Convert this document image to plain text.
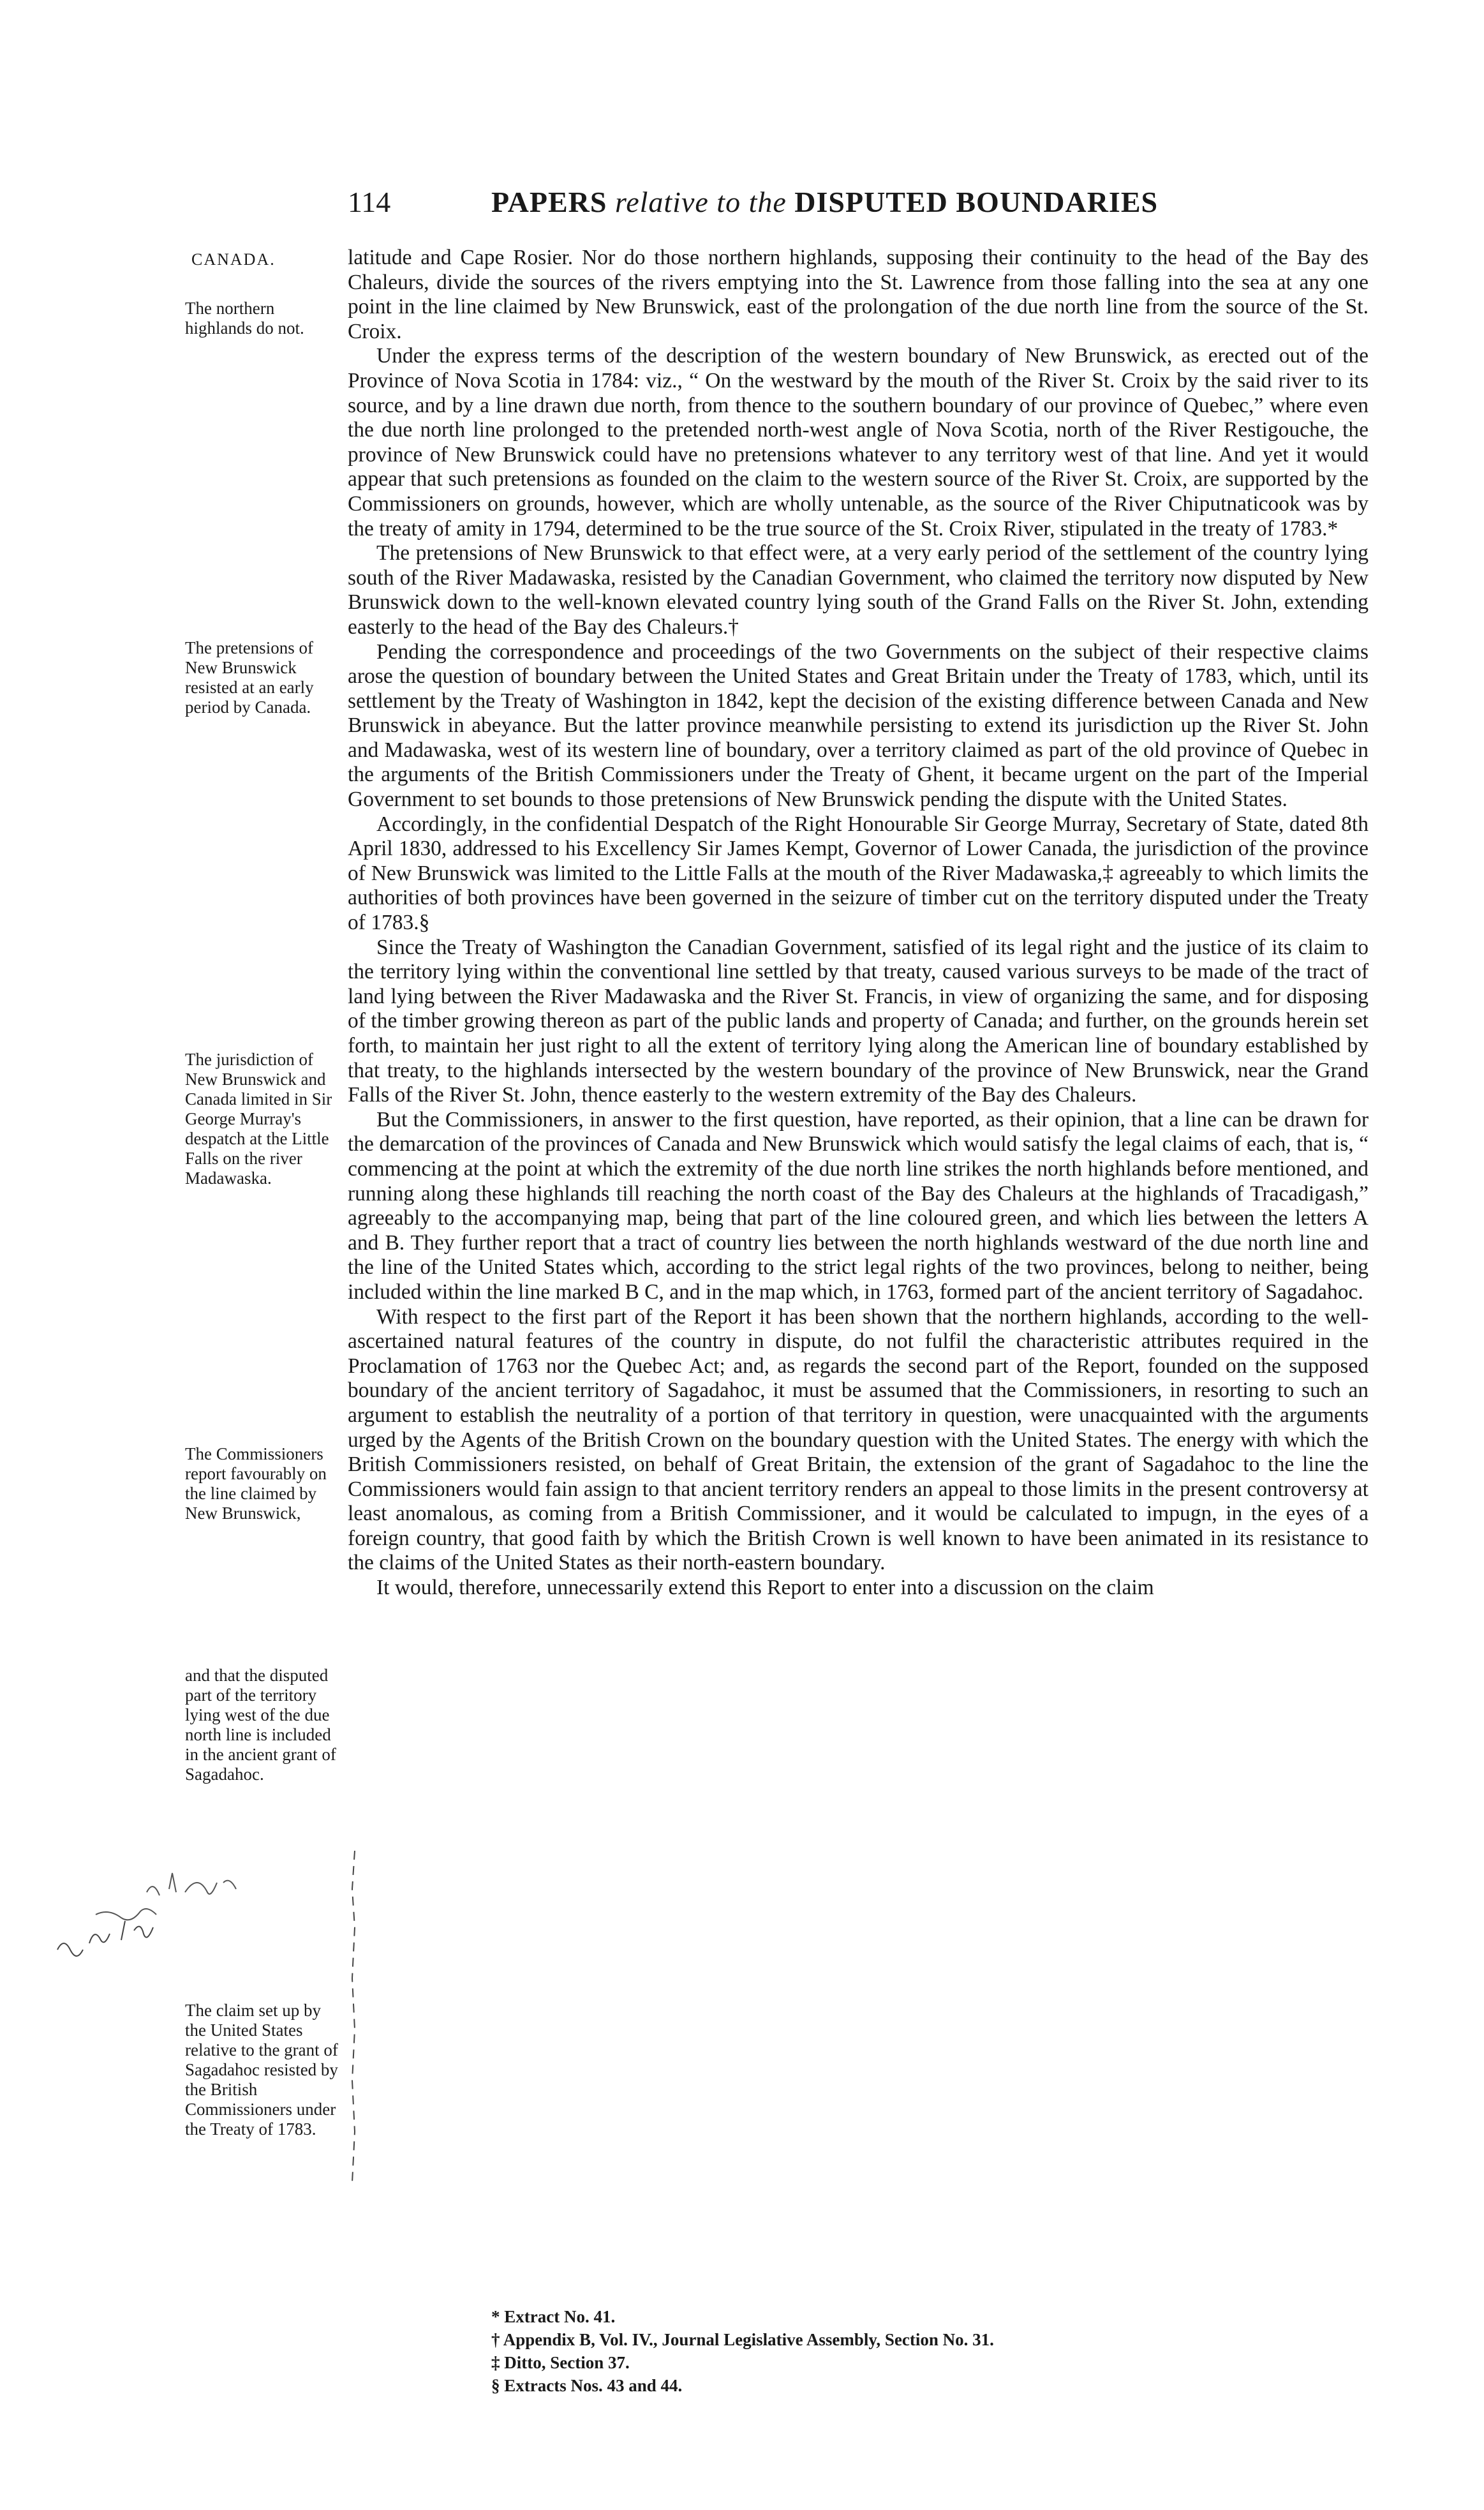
114	PAPERS relative to the DISPUTED BOUNDARIES
CANADA.
The northern highlands do not.
The pretensions of New Brunswick resisted at an early period by Canada.
The jurisdiction of New Brunswick and Canada limited in Sir George Murray's despatch at the Little Falls on the river Madawaska.
The Commissioners report favourably on the line claimed by New Brunswick,
and that the disputed part of the territory lying west of the due north line is included in the ancient grant of Sagadahoc.
The claim set up by the United States relative to the grant of Sagadahoc resisted by the British Commissioners under the Treaty of 1783.

latitude and Cape Rosier. Nor do those northern highlands, supposing their continuity to the head of the Bay des Chaleurs, divide the sources of the rivers emptying into the St. Lawrence from those falling into the sea at any one point in the line claimed by New Brunswick, east of the prolongation of the due north line from the source of the St. Croix.

Under the express terms of the description of the western boundary of New Brunswick, as erected out of the Province of Nova Scotia in 1784: viz., “ On the westward by the mouth of the River St. Croix by the said river to its source, and by a line drawn due north, from thence to the southern boundary of our province of Quebec,” where even the due north line prolonged to the pretended north-west angle of Nova Scotia, north of the River Restigouche, the province of New Brunswick could have no pretensions whatever to any territory west of that line. And yet it would appear that such pretensions as founded on the claim to the western source of the River St. Croix, are supported by the Commissioners on grounds, however, which are wholly untenable, as the source of the River Chiputnaticook was by the treaty of amity in 1794, determined to be the true source of the St. Croix River, stipulated in the treaty of 1783.*

The pretensions of New Brunswick to that effect were, at a very early period of the settlement of the country lying south of the River Madawaska, resisted by the Canadian Government, who claimed the territory now disputed by New Brunswick down to the well-known elevated country lying south of the Grand Falls on the River St. John, extending easterly to the head of the Bay des Chaleurs.†

Pending the correspondence and proceedings of the two Governments on the subject of their respective claims arose the question of boundary between the United States and Great Britain under the Treaty of 1783, which, until its settlement by the Treaty of Washington in 1842, kept the decision of the existing difference between Canada and New Brunswick in abeyance. But the latter province meanwhile persisting to extend its jurisdiction up the River St. John and Madawaska, west of its western line of boundary, over a territory claimed as part of the old province of Quebec in the arguments of the British Commissioners under the Treaty of Ghent, it became urgent on the part of the Imperial Government to set bounds to those pretensions of New Brunswick pending the dispute with the United States.

Accordingly, in the confidential Despatch of the Right Honourable Sir George Murray, Secretary of State, dated 8th April 1830, addressed to his Excellency Sir James Kempt, Governor of Lower Canada, the jurisdiction of the province of New Brunswick was limited to the Little Falls at the mouth of the River Madawaska,‡ agreeably to which limits the authorities of both provinces have been governed in the seizure of timber cut on the territory disputed under the Treaty of 1783.§

Since the Treaty of Washington the Canadian Government, satisfied of its legal right and the justice of its claim to the territory lying within the conventional line settled by that treaty, caused various surveys to be made of the tract of land lying between the River Madawaska and the River St. Francis, in view of organizing the same, and for disposing of the timber growing thereon as part of the public lands and property of Canada; and further, on the grounds herein set forth, to maintain her just right to all the extent of territory lying along the American line of boundary established by that treaty, to the highlands intersected by the western boundary of the province of New Brunswick, near the Grand Falls of the River St. John, thence easterly to the western extremity of the Bay des Chaleurs.

But the Commissioners, in answer to the first question, have reported, as their opinion, that a line can be drawn for the demarcation of the provinces of Canada and New Brunswick which would satisfy the legal claims of each, that is, “ commencing at the point at which the extremity of the due north line strikes the north highlands before mentioned, and running along these highlands till reaching the north coast of the Bay des Chaleurs at the highlands of Tracadigash,” agreeably to the accompanying map, being that part of the line coloured green, and which lies between the letters A and B. They further report that a tract of country lies between the north highlands westward of the due north line and the line of the United States which, according to the strict legal rights of the two provinces, belong to neither, being included within the line marked B C, and in the map which, in 1763, formed part of the ancient territory of Sagadahoc.

With respect to the first part of the Report it has been shown that the northern highlands, according to the well-ascertained natural features of the country in dispute, do not fulfil the characteristic attributes required in the Proclamation of 1763 nor the Quebec Act; and, as regards the second part of the Report, founded on the supposed boundary of the ancient territory of Sagadahoc, it must be assumed that the Commissioners, in resorting to such an argument to establish the neutrality of a portion of that territory in question, were unacquainted with the arguments urged by the Agents of the British Crown on the boundary question with the United States. The energy with which the British Commissioners resisted, on behalf of Great Britain, the extension of the grant of Sagadahoc to the line the Commissioners would fain assign to that ancient territory renders an appeal to those limits in the present controversy at least anomalous, as coming from a British Commissioner, and it would be calculated to impugn, in the eyes of a foreign country, that good faith by which the British Crown is well known to have been animated in its resistance to the claims of the United States as their north-eastern boundary.

It would, therefore, unnecessarily extend this Report to enter into a discussion on the claim

* Extract No. 41.
† Appendix B, Vol. IV., Journal Legislative Assembly, Section No. 31.
‡ Ditto, Section 37.
§ Extracts Nos. 43 and 44.
